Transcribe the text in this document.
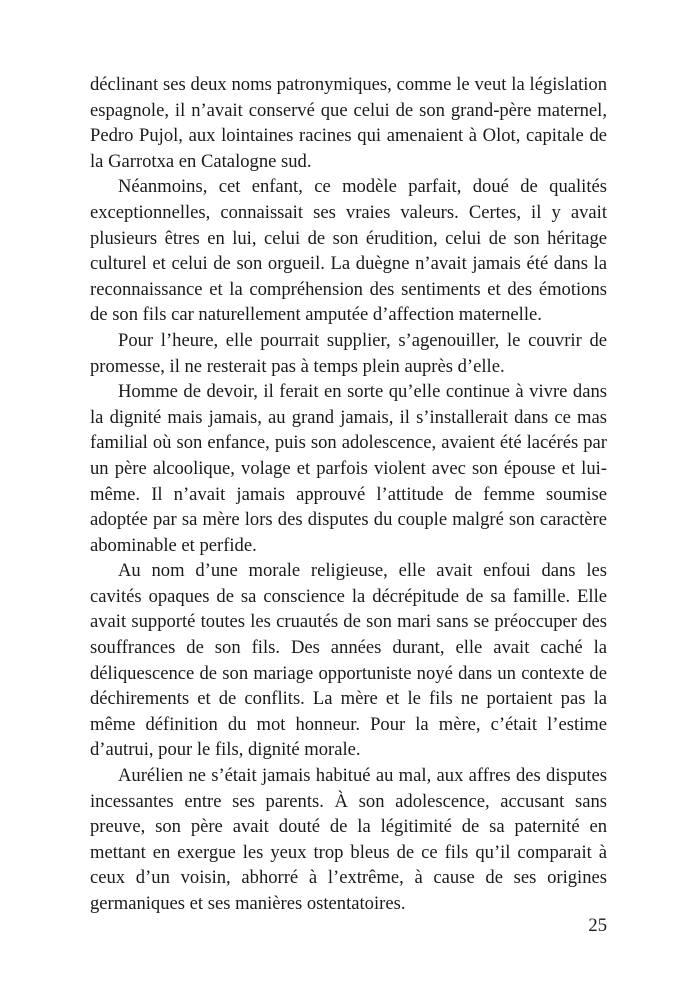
déclinant ses deux noms patronymiques, comme le veut la législation espagnole, il n’avait conservé que celui de son grand-père maternel, Pedro Pujol, aux lointaines racines qui amenaient à Olot, capitale de la Garrotxa en Catalogne sud.

Néanmoins, cet enfant, ce modèle parfait, doué de qualités exceptionnelles, connaissait ses vraies valeurs. Certes, il y avait plusieurs êtres en lui, celui de son érudition, celui de son héritage culturel et celui de son orgueil. La duègne n’avait jamais été dans la reconnaissance et la compréhension des sentiments et des émotions de son fils car naturellement amputée d’affection maternelle.

Pour l’heure, elle pourrait supplier, s’agenouiller, le couvrir de promesse, il ne resterait pas à temps plein auprès d’elle.

Homme de devoir, il ferait en sorte qu’elle continue à vivre dans la dignité mais jamais, au grand jamais, il s’installerait dans ce mas familial où son enfance, puis son adolescence, avaient été lacérés par un père alcoolique, volage et parfois violent avec son épouse et lui-même. Il n’avait jamais approuvé l’attitude de femme soumise adoptée par sa mère lors des disputes du couple malgré son caractère abominable et perfide.

Au nom d’une morale religieuse, elle avait enfoui dans les cavités opaques de sa conscience la décrépitude de sa famille. Elle avait supporté toutes les cruautés de son mari sans se préoccuper des souffrances de son fils. Des années durant, elle avait caché la déliquescence de son mariage opportuniste noyé dans un contexte de déchirements et de conflits. La mère et le fils ne portaient pas la même définition du mot honneur. Pour la mère, c’était l’estime d’autrui, pour le fils, dignité morale.

Aurélien ne s’était jamais habitué au mal, aux affres des disputes incessantes entre ses parents. À son adolescence, accusant sans preuve, son père avait douté de la légitimité de sa paternité en mettant en exergue les yeux trop bleus de ce fils qu’il comparait à ceux d’un voisin, abhorré à l’extrême, à cause de ses origines germaniques et ses manières ostentatoires.

25
